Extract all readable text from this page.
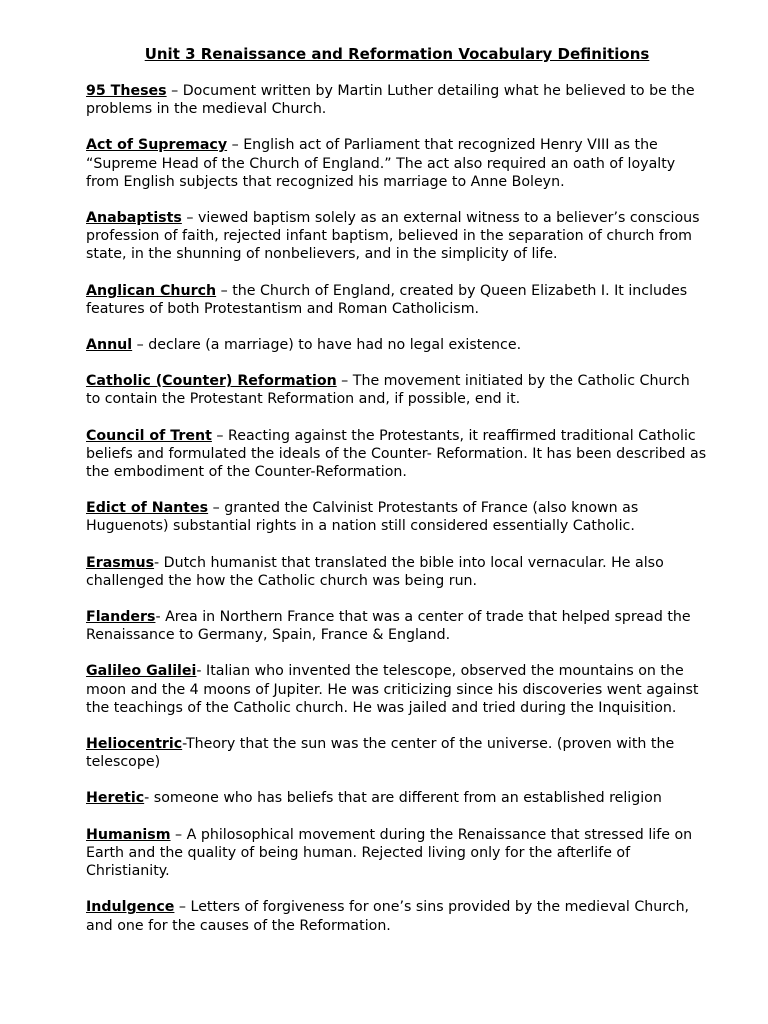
Unit 3 Renaissance and Reformation Vocabulary Definitions
95 Theses – Document written by Martin Luther detailing what he believed to be the problems in the medieval Church.
Act of Supremacy – English act of Parliament that recognized Henry VIII as the “Supreme Head of the Church of England.” The act also required an oath of loyalty from English subjects that recognized his marriage to Anne Boleyn.
Anabaptists – viewed baptism solely as an external witness to a believer’s conscious profession of faith, rejected infant baptism, believed in the separation of church from state, in the shunning of nonbelievers, and in the simplicity of life.
Anglican Church – the Church of England, created by Queen Elizabeth I. It includes features of both Protestantism and Roman Catholicism.
Annul – declare (a marriage) to have had no legal existence.
Catholic (Counter) Reformation – The movement initiated by the Catholic Church to contain the Protestant Reformation and, if possible, end it.
Council of Trent – Reacting against the Protestants, it reaffirmed traditional Catholic beliefs and formulated the ideals of the Counter- Reformation. It has been described as the embodiment of the Counter-Reformation.
Edict of Nantes – granted the Calvinist Protestants of France (also known as Huguenots) substantial rights in a nation still considered essentially Catholic.
Erasmus- Dutch humanist that translated the bible into local vernacular. He also challenged the how the Catholic church was being run.
Flanders- Area in Northern France that was a center of trade that helped spread the Renaissance to Germany, Spain, France & England.
Galileo Galilei- Italian who invented the telescope, observed the mountains on the moon and the 4 moons of Jupiter. He was criticizing since his discoveries went against the teachings of the Catholic church. He was jailed and tried during the Inquisition.
Heliocentric-Theory that the sun was the center of the universe. (proven with the telescope)
Heretic- someone who has beliefs that are different from an established religion
Humanism – A philosophical movement during the Renaissance that stressed life on Earth and the quality of being human. Rejected living only for the afterlife of Christianity.
Indulgence – Letters of forgiveness for one’s sins provided by the medieval Church, and one for the causes of the Reformation.
